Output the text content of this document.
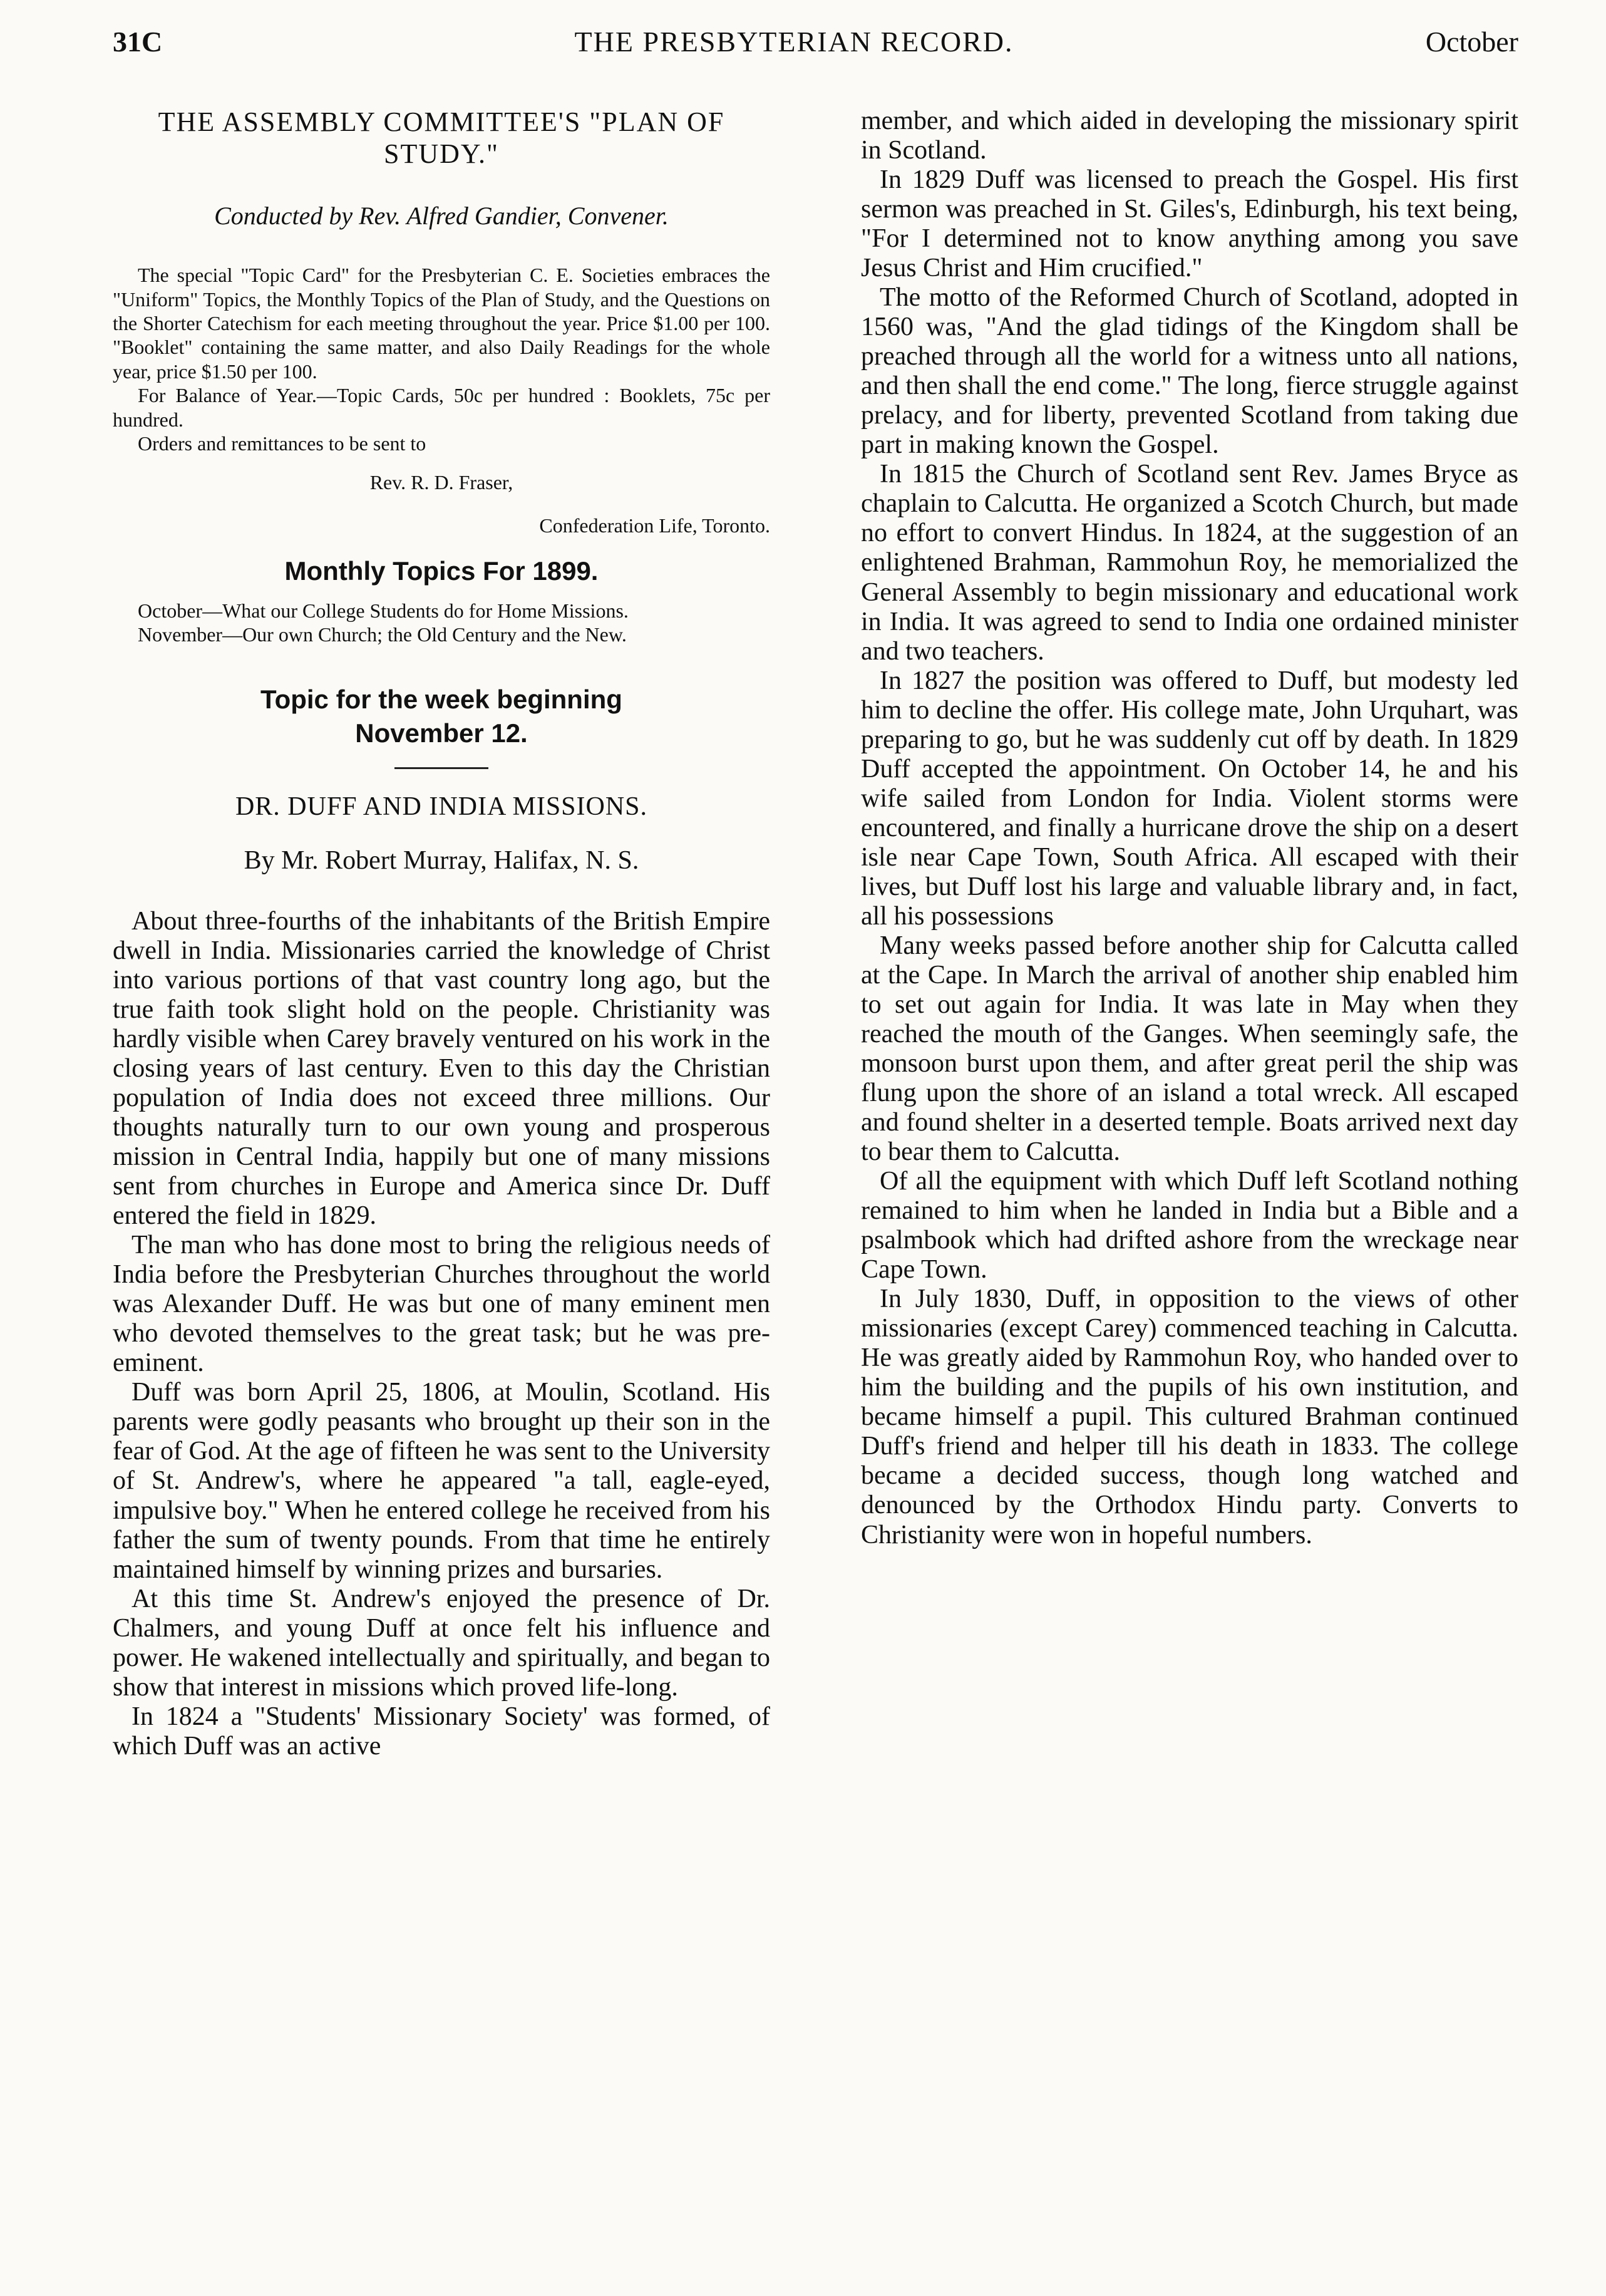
31C	THE PRESBYTERIAN RECORD.	October

THE ASSEMBLY COMMITTEE'S "PLAN OF STUDY."

Conducted by Rev. Alfred Gandier, Convener.

The special "Topic Card" for the Presbyterian C. E. Societies embraces the "Uniform" Topics, the Monthly Topics of the Plan of Study, and the Questions on the Shorter Catechism for each meeting throughout the year. Price $1.00 per 100. "Booklet" containing the same matter, and also Daily Readings for the whole year, price $1.50 per 100.

For Balance of Year.—Topic Cards, 50c per hundred : Booklets, 75c per hundred.

Orders and remittances to be sent to

Rev. R. D. Fraser,

Confederation Life, Toronto.

Monthly Topics For 1899.

October—What our College Students do for Home Missions.

November—Our own Church; the Old Century and the New.

Topic for the week beginning

November 12.

DR. DUFF AND INDIA MISSIONS.

By Mr. Robert Murray, Halifax, N. S.

About three-fourths of the inhabitants of the British Empire dwell in India. Missionaries carried the knowledge of Christ into various portions of that vast country long ago, but the true faith took slight hold on the people. Christianity was hardly visible when Carey bravely ventured on his work in the closing years of last century. Even to this day the Christian population of India does not exceed three millions. Our thoughts naturally turn to our own young and prosperous mission in Central India, happily but one of many missions sent from churches in Europe and America since Dr. Duff entered the field in 1829.

The man who has done most to bring the religious needs of India before the Presbyterian Churches throughout the world was Alexander Duff. He was but one of many eminent men who devoted themselves to the great task; but he was pre-eminent.

Duff was born April 25, 1806, at Moulin, Scotland. His parents were godly peasants who brought up their son in the fear of God. At the age of fifteen he was sent to the University of St. Andrew's, where he appeared "a tall, eagle-eyed, impulsive boy." When he entered college he received from his father the sum of twenty pounds. From that time he entirely maintained himself by winning prizes and bursaries.

At this time St. Andrew's enjoyed the presence of Dr. Chalmers, and young Duff at once felt his influence and power. He wakened intellectually and spiritually, and began to show that interest in missions which proved life-long.

In 1824 a "Students' Missionary Society' was formed, of which Duff was an active

member, and which aided in developing the missionary spirit in Scotland.

In 1829 Duff was licensed to preach the Gospel. His first sermon was preached in St. Giles's, Edinburgh, his text being, "For I determined not to know anything among you save Jesus Christ and Him crucified."

The motto of the Reformed Church of Scotland, adopted in 1560 was, "And the glad tidings of the Kingdom shall be preached through all the world for a witness unto all nations, and then shall the end come." The long, fierce struggle against prelacy, and for liberty, prevented Scotland from taking due part in making known the Gospel.

In 1815 the Church of Scotland sent Rev. James Bryce as chaplain to Calcutta. He organized a Scotch Church, but made no effort to convert Hindus. In 1824, at the suggestion of an enlightened Brahman, Rammohun Roy, he memorialized the General Assembly to begin missionary and educational work in India. It was agreed to send to India one ordained minister and two teachers.

In 1827 the position was offered to Duff, but modesty led him to decline the offer. His college mate, John Urquhart, was preparing to go, but he was suddenly cut off by death. In 1829 Duff accepted the appointment. On October 14, he and his wife sailed from London for India. Violent storms were encountered, and finally a hurricane drove the ship on a desert isle near Cape Town, South Africa. All escaped with their lives, but Duff lost his large and valuable library and, in fact, all his possessions

Many weeks passed before another ship for Calcutta called at the Cape. In March the arrival of another ship enabled him to set out again for India. It was late in May when they reached the mouth of the Ganges. When seemingly safe, the monsoon burst upon them, and after great peril the ship was flung upon the shore of an island a total wreck. All escaped and found shelter in a deserted temple. Boats arrived next day to bear them to Calcutta.

Of all the equipment with which Duff left Scotland nothing remained to him when he landed in India but a Bible and a psalmbook which had drifted ashore from the wreckage near Cape Town.

In July 1830, Duff, in opposition to the views of other missionaries (except Carey) commenced teaching in Calcutta. He was greatly aided by Rammohun Roy, who handed over to him the building and the pupils of his own institution, and became himself a pupil. This cultured Brahman continued Duff's friend and helper till his death in 1833. The college became a decided success, though long watched and denounced by the Orthodox Hindu party. Converts to Christianity were won in hopeful numbers.
